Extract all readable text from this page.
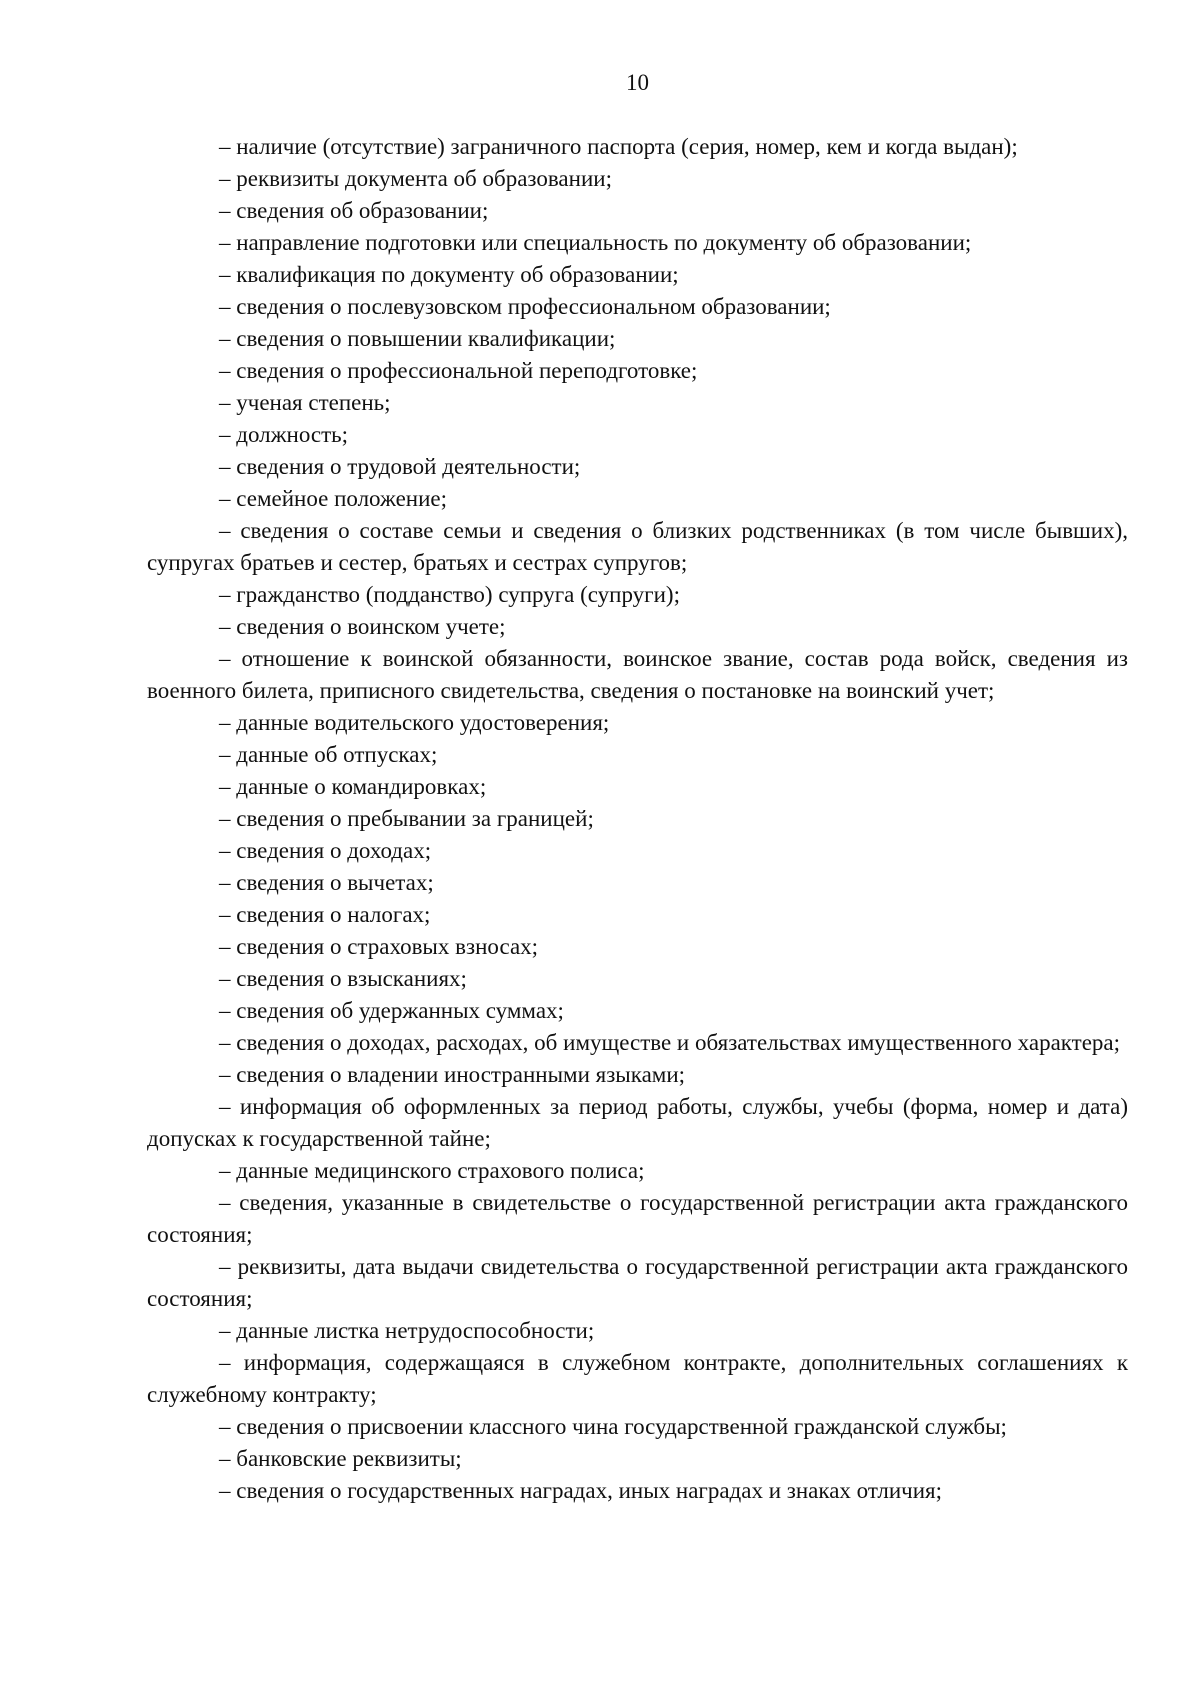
10

– наличие (отсутствие) заграничного паспорта (серия, номер, кем и когда выдан);

– реквизиты документа об образовании;

– сведения об образовании;

– направление подготовки или специальность по документу об образовании;

– квалификация по документу об образовании;

– сведения о послевузовском профессиональном образовании;

– сведения о повышении квалификации;

– сведения о профессиональной переподготовке;

– ученая степень;

– должность;

– сведения о трудовой деятельности;

– семейное положение;

– сведения о составе семьи и сведения о близких родственниках (в том числе бывших), супругах братьев и сестер, братьях и сестрах супругов;

– гражданство (подданство) супруга (супруги);

– сведения о воинском учете;

– отношение к воинской обязанности, воинское звание, состав рода войск, сведения из военного билета, приписного свидетельства, сведения о постановке на воинский учет;

– данные водительского удостоверения;

– данные об отпусках;

– данные о командировках;

– сведения о пребывании за границей;

– сведения о доходах;

– сведения о вычетах;

– сведения о налогах;

– сведения о страховых взносах;

– сведения о взысканиях;

– сведения об удержанных суммах;

– сведения о доходах, расходах, об имуществе и обязательствах имущественного характера;

– сведения о владении иностранными языками;

– информация об оформленных за период работы, службы, учебы (форма, номер и дата) допусках к государственной тайне;

– данные медицинского страхового полиса;

– сведения, указанные в свидетельстве о государственной регистрации акта гражданского состояния;

– реквизиты, дата выдачи свидетельства о государственной регистрации акта гражданского состояния;

– данные листка нетрудоспособности;

– информация, содержащаяся в служебном контракте, дополнительных соглашениях к служебному контракту;

– сведения о присвоении классного чина государственной гражданской службы;

– банковские реквизиты;

– сведения о государственных наградах, иных наградах и знаках отличия;
